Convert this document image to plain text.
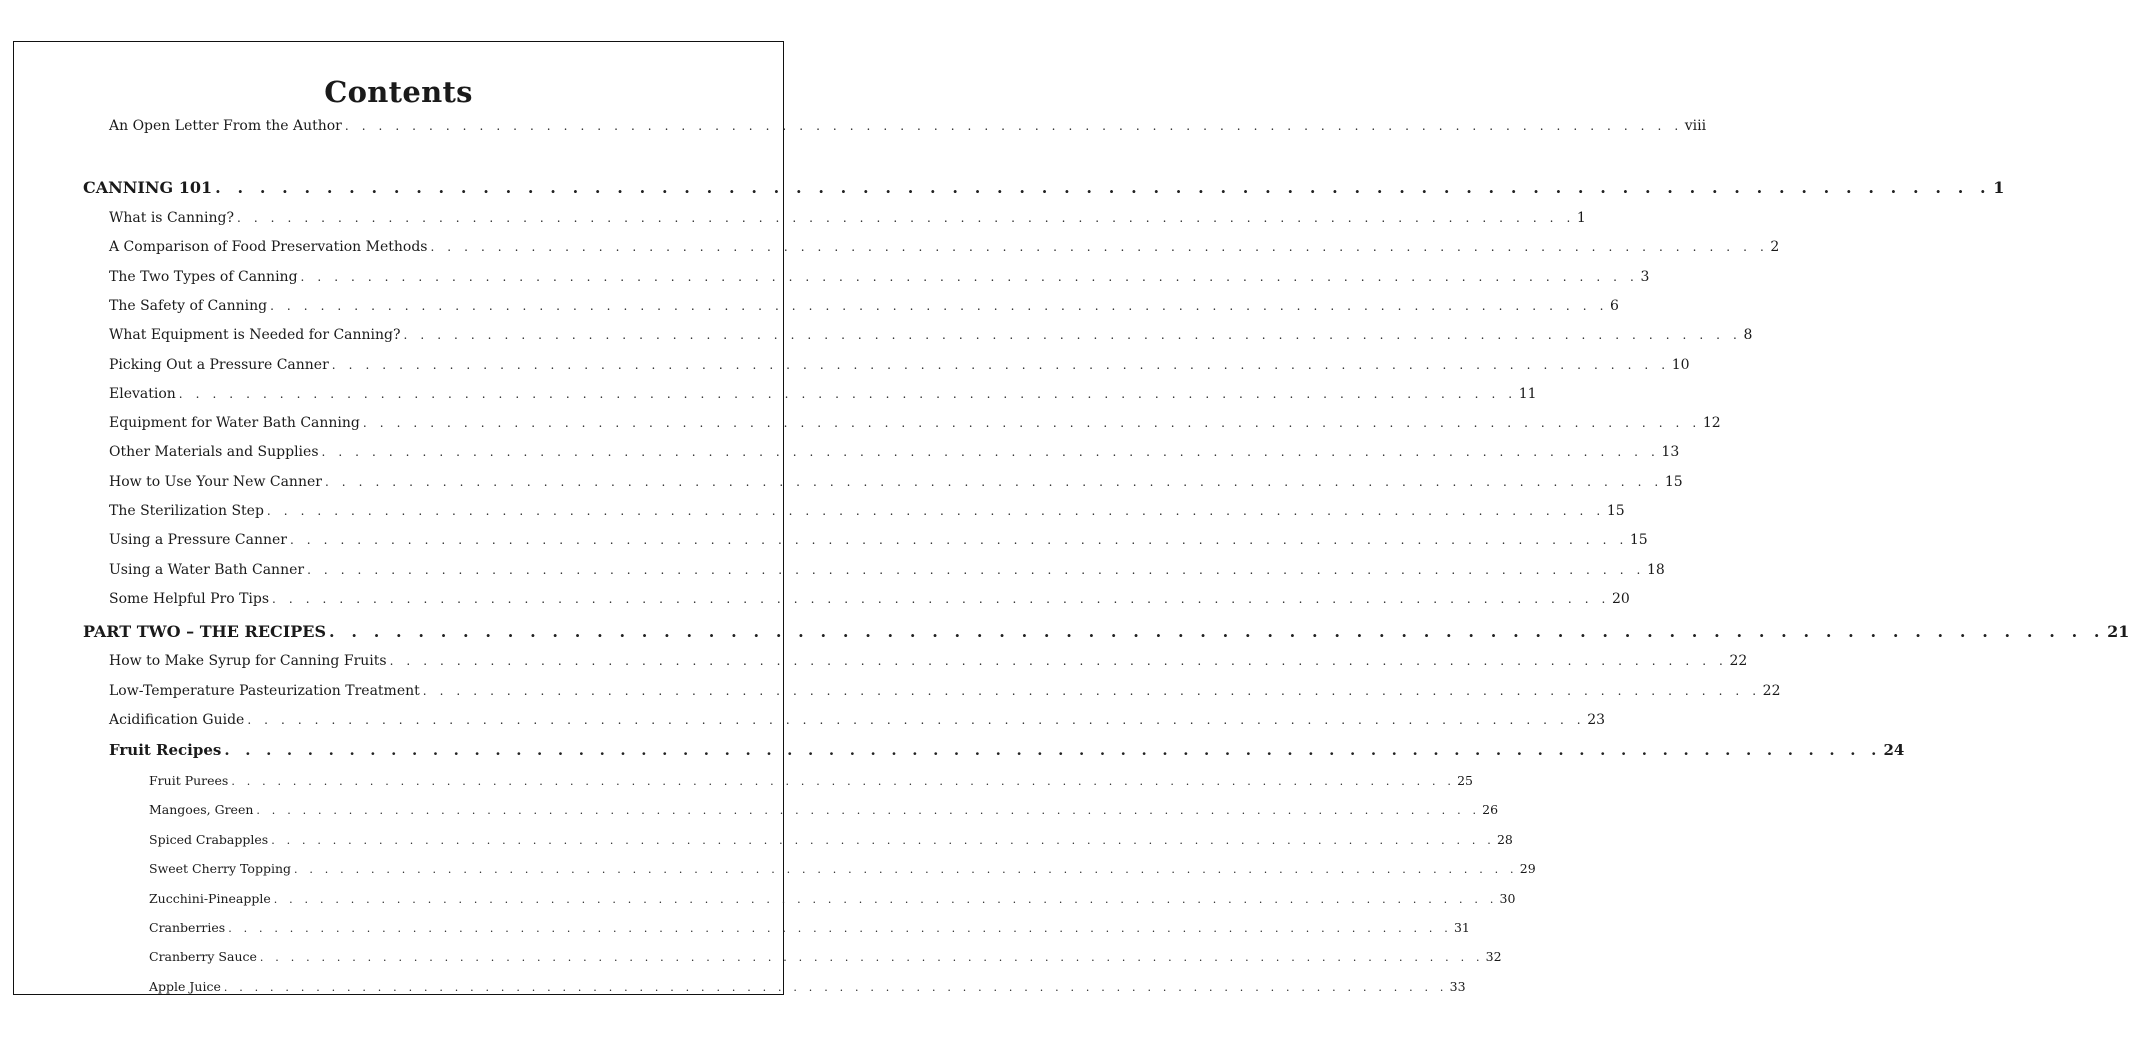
Contents
An Open Letter From the Author . . . . . . . . . . . . . . . . . . . . . . . . . . . . . . . . . . . . . . . . . . . . . . . . . . . . . . . . . . . . . . . . . . . . . . . . . . . . . . . . viii
CANNING 101 . . . . . . . . . . . . . . . . . . . . . . . . . . . . . . . . . . . . . . . . . . . . . . . . . . . . . . . . . . . . . . . . . . . . . . . . . . . . . . . . 1
What is Canning? . . . . . . . . . . . . . . . . . . . . . . . . . . . . . . . . . . . . . . . . . . . . . . . . . . . . . . . . . . . . . . . . . . . . . . . . . . . . . . . . 1
A Comparison of Food Preservation Methods . . . . . . . . . . . . . . . . . . . . . . . . . . . . . . . . . . . . . . . . . . . . . . . . . . . . . . . . . . . . . . . . . . . . . . . . . . . . . . . . 2
The Two Types of Canning . . . . . . . . . . . . . . . . . . . . . . . . . . . . . . . . . . . . . . . . . . . . . . . . . . . . . . . . . . . . . . . . . . . . . . . . . . . . . . . . 3
The Safety of Canning . . . . . . . . . . . . . . . . . . . . . . . . . . . . . . . . . . . . . . . . . . . . . . . . . . . . . . . . . . . . . . . . . . . . . . . . . . . . . . . . 6
What Equipment is Needed for Canning? . . . . . . . . . . . . . . . . . . . . . . . . . . . . . . . . . . . . . . . . . . . . . . . . . . . . . . . . . . . . . . . . . . . . . . . . . . . . . . . . 8
Picking Out a Pressure Canner . . . . . . . . . . . . . . . . . . . . . . . . . . . . . . . . . . . . . . . . . . . . . . . . . . . . . . . . . . . . . . . . . . . . . . . . . . . . . . . . 10
Elevation . . . . . . . . . . . . . . . . . . . . . . . . . . . . . . . . . . . . . . . . . . . . . . . . . . . . . . . . . . . . . . . . . . . . . . . . . . . . . . . . 11
Equipment for Water Bath Canning . . . . . . . . . . . . . . . . . . . . . . . . . . . . . . . . . . . . . . . . . . . . . . . . . . . . . . . . . . . . . . . . . . . . . . . . . . . . . . . . 12
Other Materials and Supplies . . . . . . . . . . . . . . . . . . . . . . . . . . . . . . . . . . . . . . . . . . . . . . . . . . . . . . . . . . . . . . . . . . . . . . . . . . . . . . . . 13
How to Use Your New Canner . . . . . . . . . . . . . . . . . . . . . . . . . . . . . . . . . . . . . . . . . . . . . . . . . . . . . . . . . . . . . . . . . . . . . . . . . . . . . . . . 15
The Sterilization Step . . . . . . . . . . . . . . . . . . . . . . . . . . . . . . . . . . . . . . . . . . . . . . . . . . . . . . . . . . . . . . . . . . . . . . . . . . . . . . . . 15
Using a Pressure Canner . . . . . . . . . . . . . . . . . . . . . . . . . . . . . . . . . . . . . . . . . . . . . . . . . . . . . . . . . . . . . . . . . . . . . . . . . . . . . . . . 15
Using a Water Bath Canner . . . . . . . . . . . . . . . . . . . . . . . . . . . . . . . . . . . . . . . . . . . . . . . . . . . . . . . . . . . . . . . . . . . . . . . . . . . . . . . . 18
Some Helpful Pro Tips . . . . . . . . . . . . . . . . . . . . . . . . . . . . . . . . . . . . . . . . . . . . . . . . . . . . . . . . . . . . . . . . . . . . . . . . . . . . . . . . 20
PART TWO – THE RECIPES . . . . . . . . . . . . . . . . . . . . . . . . . . . . . . . . . . . . . . . . . . . . . . . . . . . . . . . . . . . . . . . . . . . . . . . . . . . . . . . . 21
How to Make Syrup for Canning Fruits . . . . . . . . . . . . . . . . . . . . . . . . . . . . . . . . . . . . . . . . . . . . . . . . . . . . . . . . . . . . . . . . . . . . . . . . . . . . . . . . 22
Low-Temperature Pasteurization Treatment . . . . . . . . . . . . . . . . . . . . . . . . . . . . . . . . . . . . . . . . . . . . . . . . . . . . . . . . . . . . . . . . . . . . . . . . . . . . . . . . 22
Acidification Guide . . . . . . . . . . . . . . . . . . . . . . . . . . . . . . . . . . . . . . . . . . . . . . . . . . . . . . . . . . . . . . . . . . . . . . . . . . . . . . . . 23
Fruit Recipes . . . . . . . . . . . . . . . . . . . . . . . . . . . . . . . . . . . . . . . . . . . . . . . . . . . . . . . . . . . . . . . . . . . . . . . . . . . . . . . . 24
Fruit Purees . . . . . . . . . . . . . . . . . . . . . . . . . . . . . . . . . . . . . . . . . . . . . . . . . . . . . . . . . . . . . . . . . . . . . . . . . . . . . . . . 25
Mangoes, Green . . . . . . . . . . . . . . . . . . . . . . . . . . . . . . . . . . . . . . . . . . . . . . . . . . . . . . . . . . . . . . . . . . . . . . . . . . . . . . . . 26
Spiced Crabapples . . . . . . . . . . . . . . . . . . . . . . . . . . . . . . . . . . . . . . . . . . . . . . . . . . . . . . . . . . . . . . . . . . . . . . . . . . . . . . . . 28
Sweet Cherry Topping . . . . . . . . . . . . . . . . . . . . . . . . . . . . . . . . . . . . . . . . . . . . . . . . . . . . . . . . . . . . . . . . . . . . . . . . . . . . . . . . 29
Zucchini-Pineapple . . . . . . . . . . . . . . . . . . . . . . . . . . . . . . . . . . . . . . . . . . . . . . . . . . . . . . . . . . . . . . . . . . . . . . . . . . . . . . . . 30
Cranberries . . . . . . . . . . . . . . . . . . . . . . . . . . . . . . . . . . . . . . . . . . . . . . . . . . . . . . . . . . . . . . . . . . . . . . . . . . . . . . . . 31
Cranberry Sauce . . . . . . . . . . . . . . . . . . . . . . . . . . . . . . . . . . . . . . . . . . . . . . . . . . . . . . . . . . . . . . . . . . . . . . . . . . . . . . . . 32
Apple Juice . . . . . . . . . . . . . . . . . . . . . . . . . . . . . . . . . . . . . . . . . . . . . . . . . . . . . . . . . . . . . . . . . . . . . . . . . . . . . . . . 33
